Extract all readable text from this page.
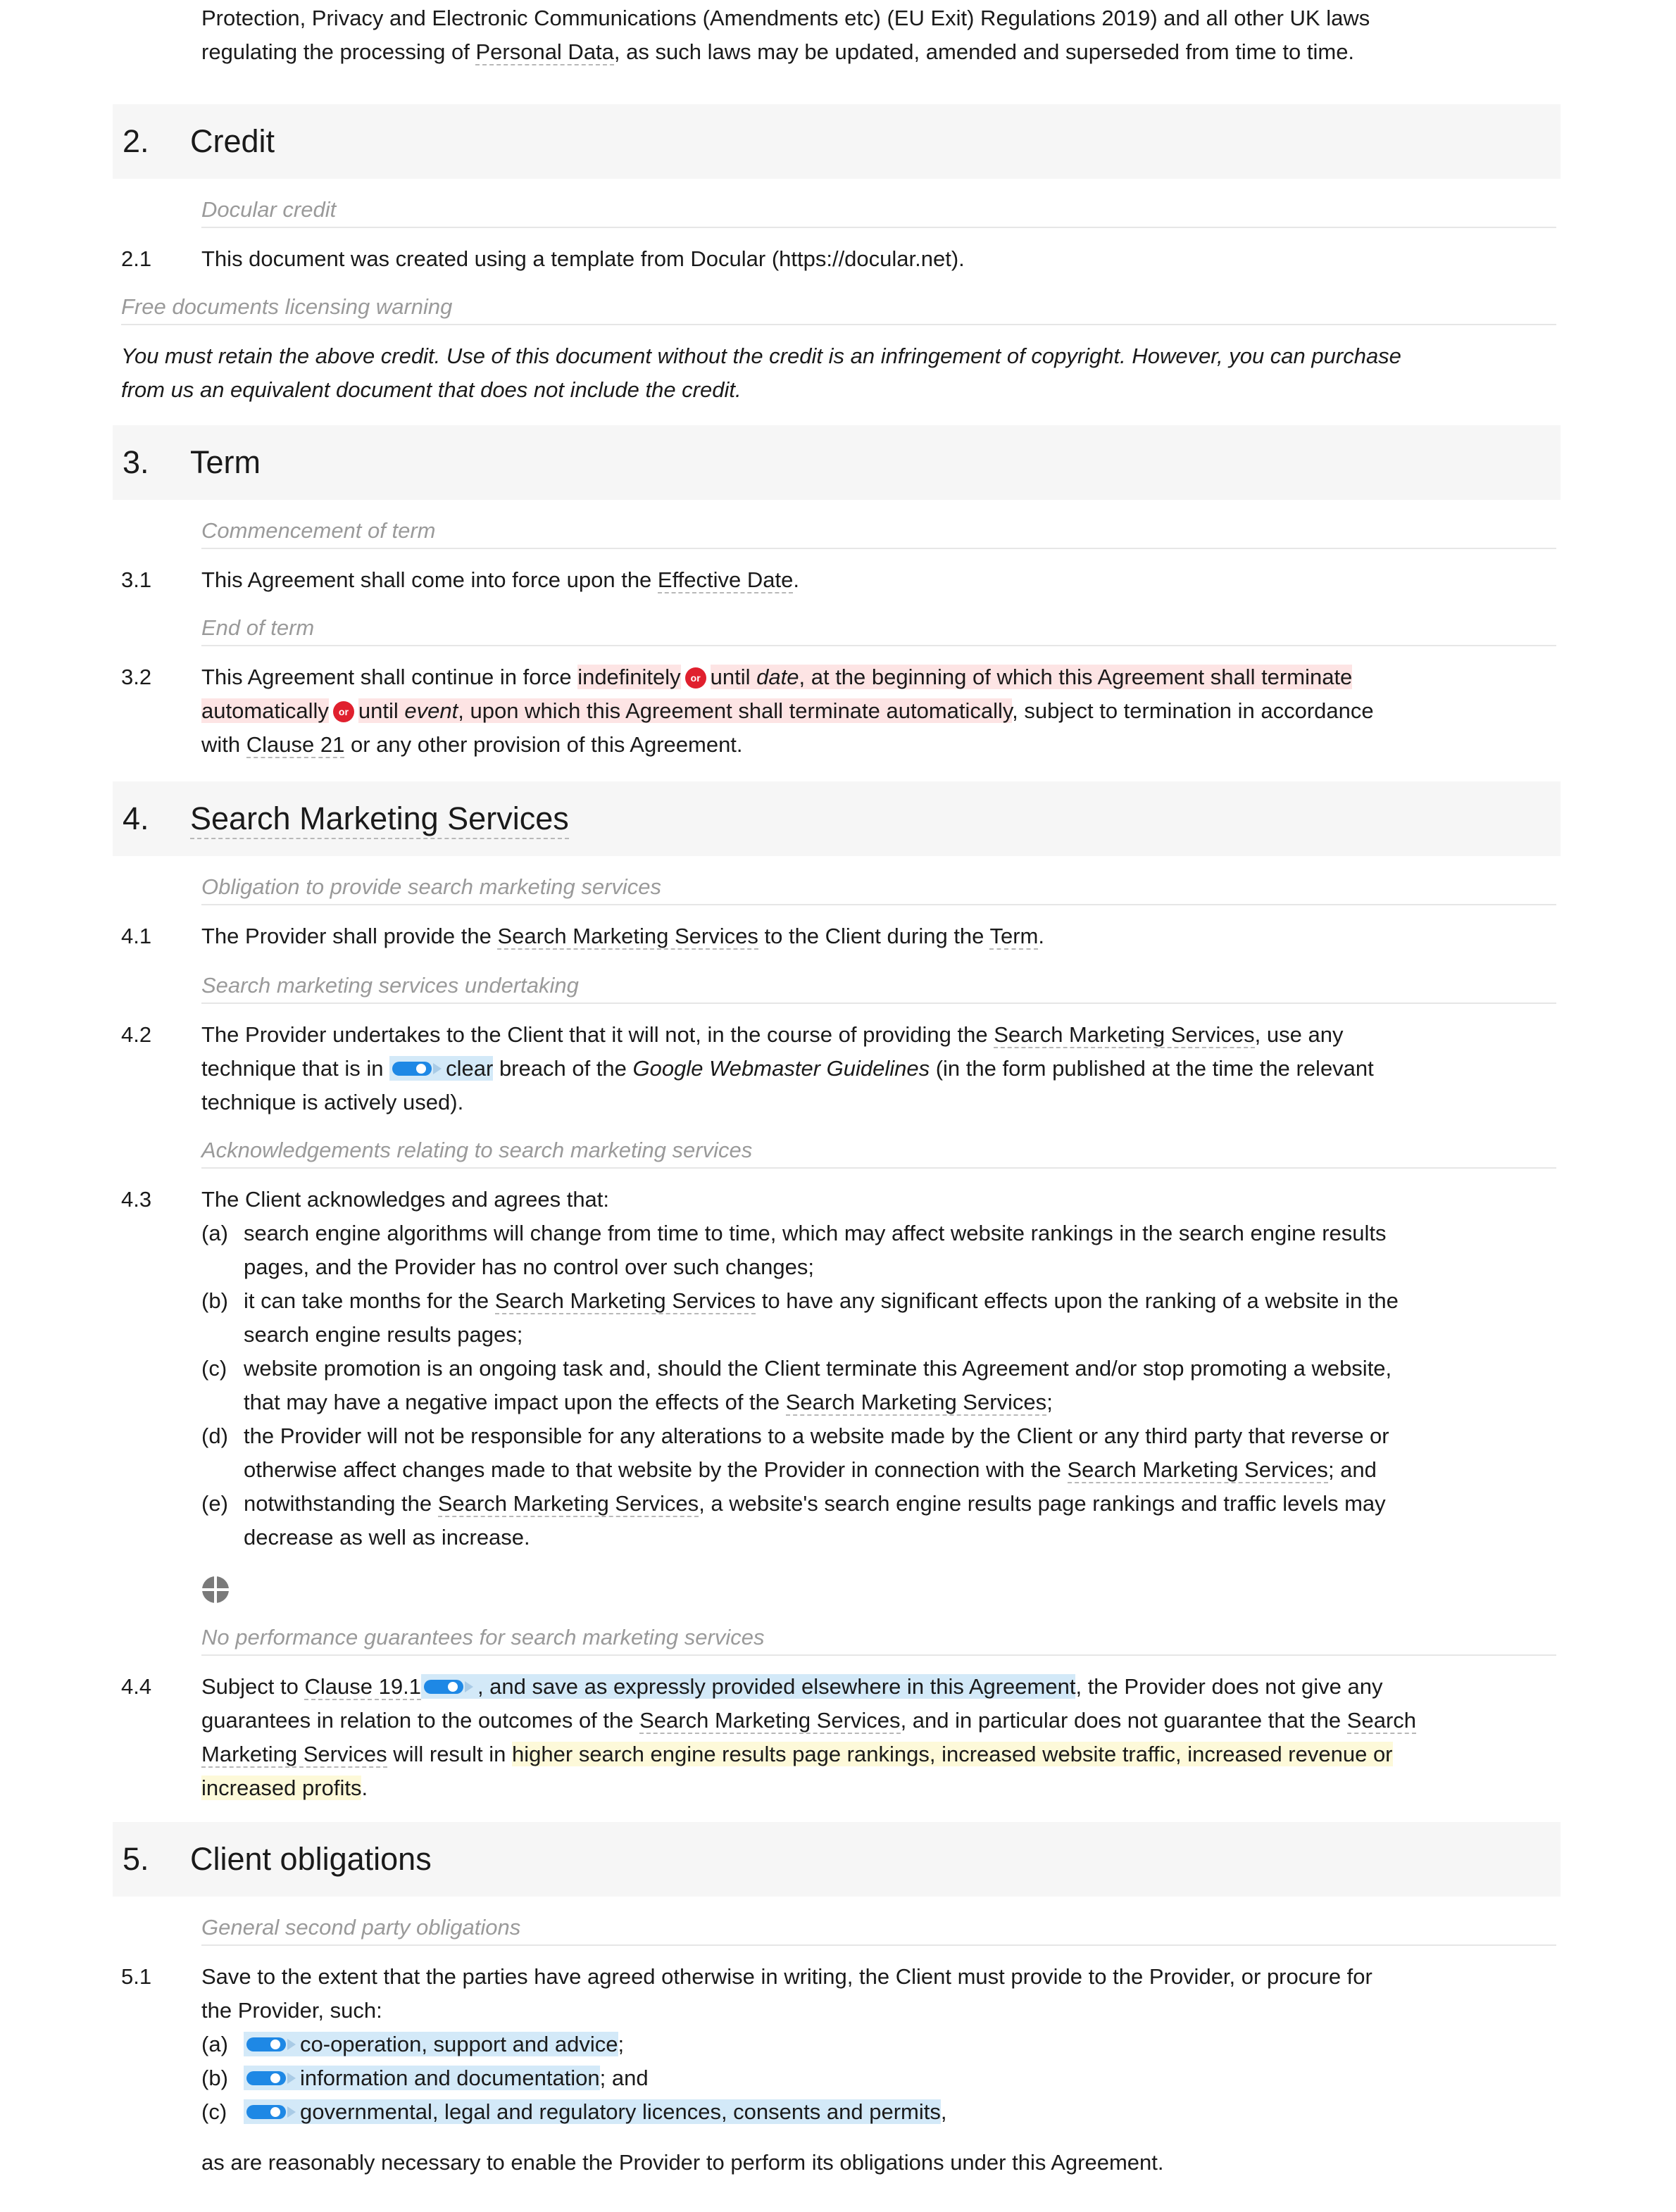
Protection, Privacy and Electronic Communications (Amendments etc) (EU Exit) Regulations 2019) and all other UK laws
regulating the processing of Personal Data, as such laws may be updated, amended and superseded from time to time.
2. Credit
Docular credit
2.1 This document was created using a template from Docular (https://docular.net).
Free documents licensing warning
You must retain the above credit. Use of this document without the credit is an infringement of copyright. However, you can purchase
from us an equivalent document that does not include the credit.
3. Term
Commencement of term
3.1 This Agreement shall come into force upon the Effective Date.
End of term
3.2 This Agreement shall continue in force indefinitely or until date, at the beginning of which this Agreement shall terminate
automatically or until event, upon which this Agreement shall terminate automatically, subject to termination in accordance
with Clause 21 or any other provision of this Agreement.
4. Search Marketing Services
Obligation to provide search marketing services
4.1 The Provider shall provide the Search Marketing Services to the Client during the Term.
Search marketing services undertaking
4.2 The Provider undertakes to the Client that it will not, in the course of providing the Search Marketing Services, use any
technique that is in	clear breach of the Google Webmaster Guidelines (in the form published at the time the relevant
technique is actively used).
Acknowledgements relating to search marketing services
4.3 The Client acknowledges and agrees that:
(a) search engine algorithms will change from time to time, which may affect website rankings in the search engine results
pages, and the Provider has no control over such changes;
(b) it can take months for the Search Marketing Services to have any significant effects upon the ranking of a website in the
search engine results pages;
(c) website promotion is an ongoing task and, should the Client terminate this Agreement and/or stop promoting a website,
that may have a negative impact upon the effects of the Search Marketing Services;
(d) the Provider will not be responsible for any alterations to a website made by the Client or any third party that reverse or
otherwise affect changes made to that website by the Provider in connection with the Search Marketing Services; and
(e) notwithstanding the Search Marketing Services, a website's search engine results page rankings and traffic levels may
decrease as well as increase.
No performance guarantees for search marketing services
4.4 Subject to Clause 19.1	, and save as expressly provided elsewhere in this Agreement, the Provider does not give any
guarantees in relation to the outcomes of the Search Marketing Services, and in particular does not guarantee that the Search
Marketing Services will result in higher search engine results page rankings, increased website traffic, increased revenue or
increased profits.
5. Client obligations
General second party obligations
5.1 Save to the extent that the parties have agreed otherwise in writing, the Client must provide to the Provider, or procure for
the Provider, such:
(a)	co-operation, support and advice;
(b)	information and documentation; and
(c)	governmental, legal and regulatory licences, consents and permits,
as are reasonably necessary to enable the Provider to perform its obligations under this Agreement.
